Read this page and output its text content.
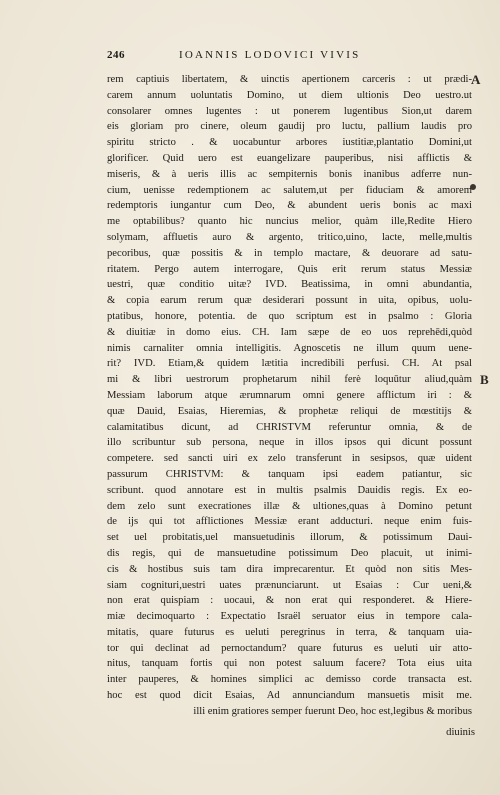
246	IOANNIS LODOVICI VIVIS
A
B
rem captiuis libertatem, & uinctis apertionem carceris : ut prædi-
carem annum uoluntatis Domino, ut diem ultionis Deo uestro.ut
consolarer omnes lugentes : ut ponerem lugentibus Sion,ut darem
eis gloriam pro cinere, oleum gaudij pro luctu, pallium laudis pro
spiritu stricto . & uocabuntur arbores iustitiæ,plantatio Domini,ut
glorificer. Quid uero est euangelizare pauperibus, nisi afflictis &
miseris, & à ueris illis ac sempiternis bonis inanibus adferre nun-
cium, uenisse redemptionem ac salutem,ut per fiduciam & amorem
redemptoris iungantur cum Deo, & abundent ueris bonis ac maxi
me optabilibus? quanto hic nuncius melior, quàm ille,Redite Hiero
solymam, affluetis auro & argento, tritico,uino, lacte, melle,multis
pecoribus, quæ possitis & in templo mactare, & deuorare ad satu-
ritatem. Pergo autem interrogare, Quis erit rerum status Messiæ
uestri, quæ conditio uitæ? IVD. Beatissima, in omni abundantia,
& copia earum rerum quæ desiderari possunt in uita, opibus, uolu-
ptatibus, honore, potentia. de quo scriptum est in psalmo : Gloria
& diuitiæ in domo eius. CH. Iam sæpe de eo uos reprehēdi,quòd
nimis carnaliter omnia intelligitis. Agnoscetis ne illum quum uene-
rit? IVD. Etiam,& quidem lætitia incredibili perfusi. CH. At psal
mi & libri uestrorum prophetarum nihil ferè loquūtur aliud,quàm
Messiam laborum atque ærumnarum omni genere afflictum iri : &
quæ Dauid, Esaias, Hieremias, & prophetæ reliqui de mœstitijs &
calamitatibus dicunt, ad CHRISTVM referuntur omnia, & de
illo scribuntur sub persona, neque in illos ipsos qui dicunt possunt
competere. sed sancti uiri ex zelo transferunt in sesipsos, quæ uident
passurum CHRISTVM: & tanquam ipsi eadem patiantur, sic
scribunt. quod annotare est in multis psalmis Dauidis regis. Ex eo-
dem zelo sunt execrationes illæ & ultiones,quas à Domino petunt
de ijs qui tot afflictiones Messiæ erant adducturi. neque enim fuis-
set uel probitatis,uel mansuetudinis illorum, & potissimum Daui-
dis regis, qui de mansuetudine potissimum Deo placuit, ut inimi-
cis & hostibus suis tam dira imprecarentur. Et quòd non sitis Mes-
siam cognituri,uestri uates prænunciarunt. ut Esaias : Cur ueni,&
non erat quispiam : uocaui, & non erat qui responderet. & Hiere-
miæ decimoquarto : Expectatio Israël seruator eius in tempore cala-
mitatis, quare futurus es ueluti peregrinus in terra, & tanquam uia-
tor qui declinat ad pernoctandum? quare futurus es ueluti uir atto-
nitus, tanquam fortis qui non potest saluum facere? Tota eius uita
inter pauperes, & homines simplici ac demisso corde transacta est.
hoc est quod dicit Esaias, Ad annunciandum mansuetis misit me.
illi enim gratiores semper fuerunt Deo, hoc est,legibus & moribus
diuinis
